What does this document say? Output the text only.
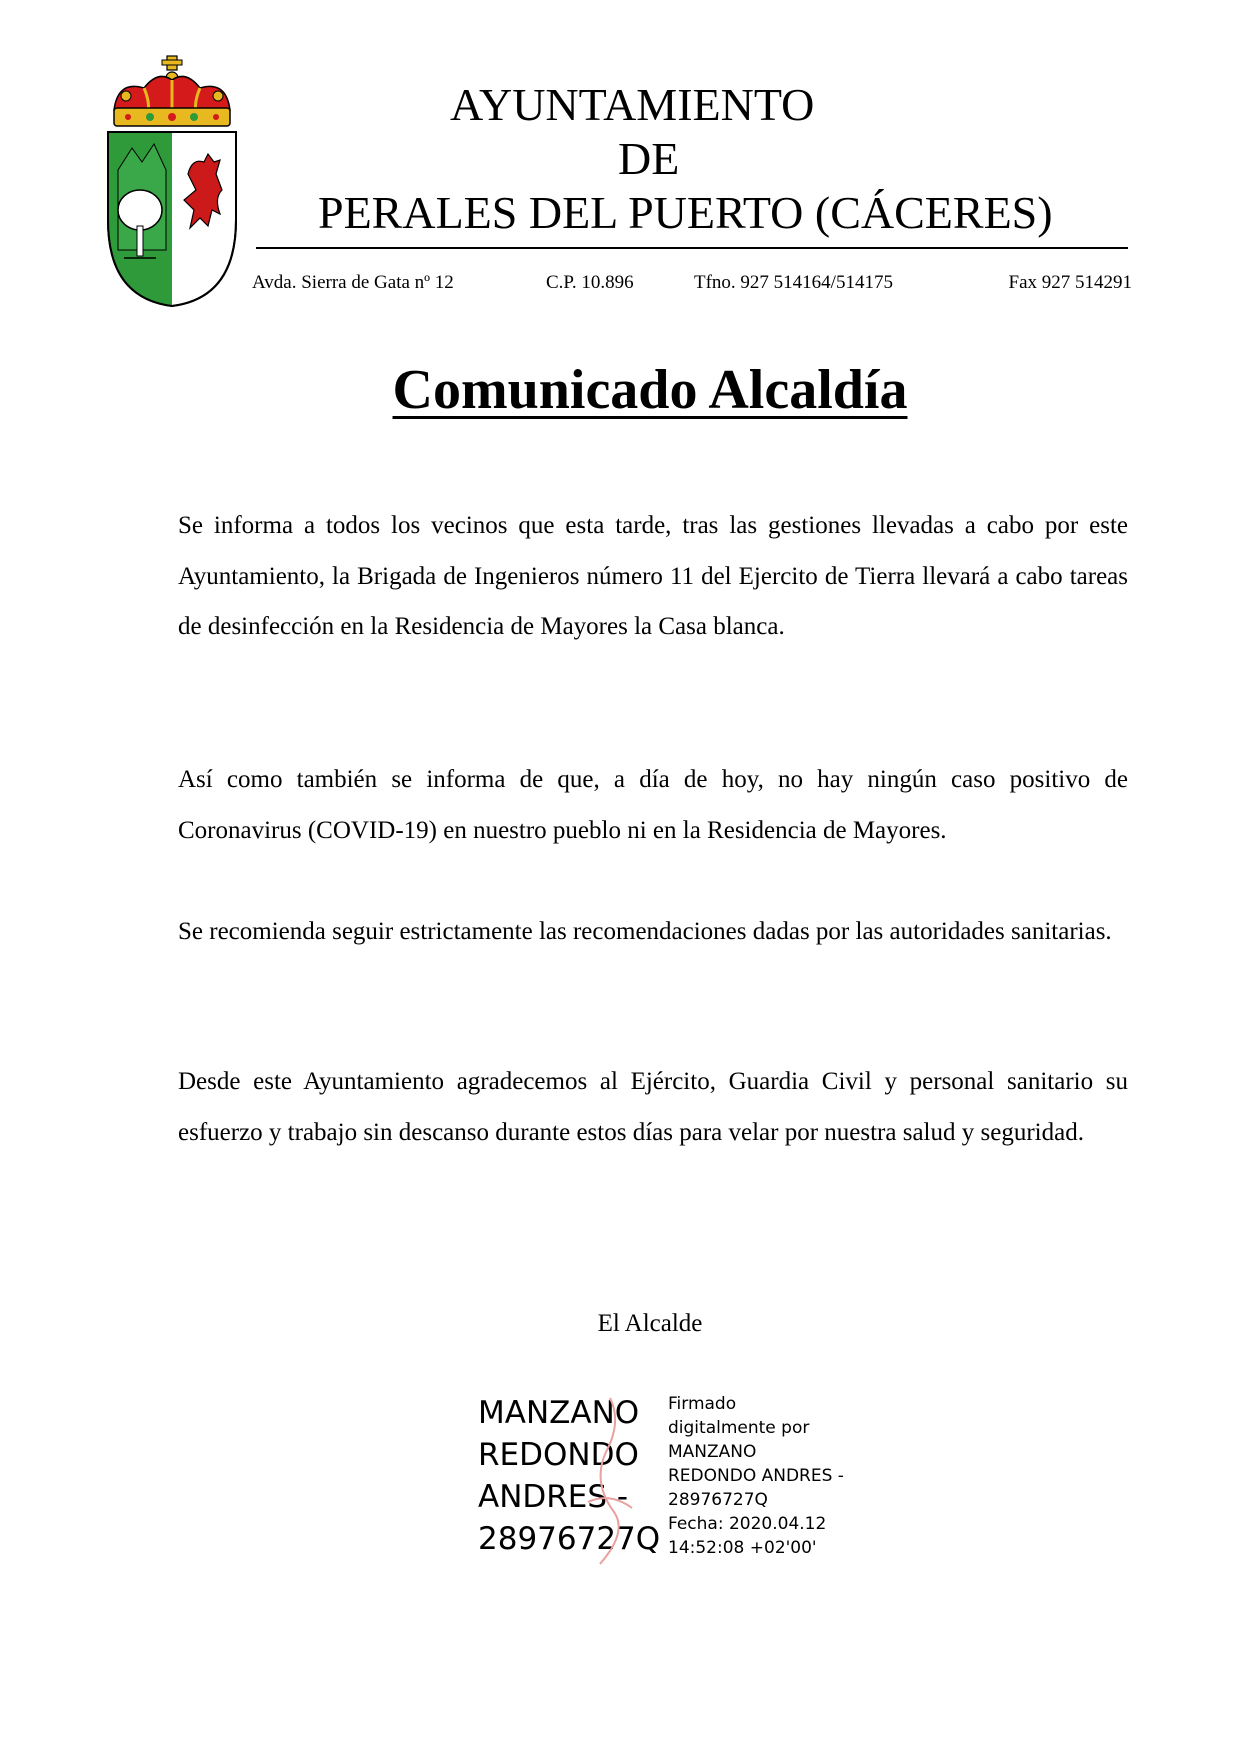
AYUNTAMIENTO
DE
PERALES DEL PUERTO (CÁCERES)
Avda. Sierra de Gata nº 12	C.P. 10.896	Tfno. 927 514164/514175	Fax 927 514291
Comunicado Alcaldía

Se informa a todos los vecinos que esta tarde, tras las gestiones llevadas a cabo por este Ayuntamiento, la Brigada de Ingenieros número 11 del Ejercito de Tierra llevará a cabo tareas de desinfección en la Residencia de Mayores la Casa blanca.

Así como también se informa de que, a día de hoy, no hay ningún caso positivo de Coronavirus (COVID-19) en nuestro pueblo ni en la Residencia de Mayores.

Se recomienda seguir estrictamente las recomendaciones dadas por las autoridades sanitarias.

Desde este Ayuntamiento agradecemos al Ejército, Guardia Civil y personal sanitario su esfuerzo y trabajo sin descanso durante estos días para velar por nuestra salud y seguridad.

El Alcalde
MANZANO
REDONDO
ANDRES -
28976727Q
Firmado
digitalmente por
MANZANO
REDONDO ANDRES -
28976727Q
Fecha: 2020.04.12
14:52:08 +02'00'
